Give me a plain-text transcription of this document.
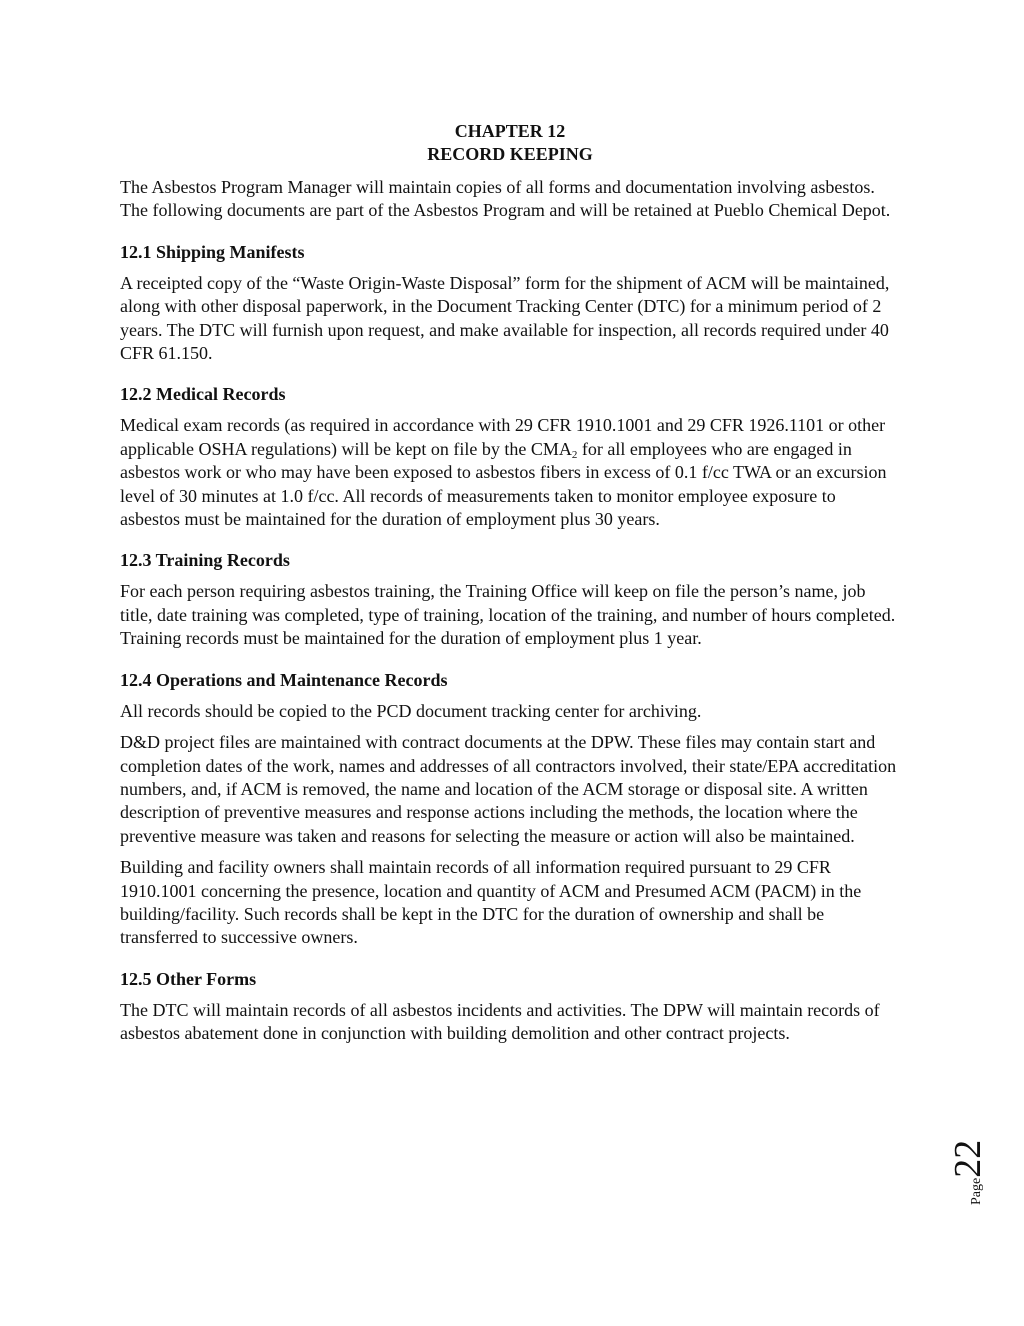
CHAPTER 12
RECORD KEEPING

The Asbestos Program Manager will maintain copies of all forms and documentation involving asbestos. The following documents are part of the Asbestos Program and will be retained at Pueblo Chemical Depot.

12.1 Shipping Manifests

A receipted copy of the “Waste Origin-Waste Disposal” form for the shipment of ACM will be maintained, along with other disposal paperwork, in the Document Tracking Center (DTC) for a minimum period of 2 years. The DTC will furnish upon request, and make available for inspection, all records required under 40 CFR 61.150.

12.2 Medical Records

Medical exam records (as required in accordance with 29 CFR 1910.1001 and 29 CFR 1926.1101 or other applicable OSHA regulations) will be kept on file by the $CMA_2$ for all employees who are engaged in asbestos work or who may have been exposed to asbestos fibers in excess of 0.1 f/cc TWA or an excursion level of 30 minutes at 1.0 f/cc. All records of measurements taken to monitor employee exposure to asbestos must be maintained for the duration of employment plus 30 years.

12.3 Training Records

For each person requiring asbestos training, the Training Office will keep on file the person’s name, job title, date training was completed, type of training, location of the training, and number of hours completed. Training records must be maintained for the duration of employment plus 1 year.

12.4 Operations and Maintenance Records

All records should be copied to the PCD document tracking center for archiving.

D&D project files are maintained with contract documents at the DPW. These files may contain start and completion dates of the work, names and addresses of all contractors involved, their state/EPA accreditation numbers, and, if ACM is removed, the name and location of the ACM storage or disposal site. A written description of preventive measures and response actions including the methods, the location where the preventive measure was taken and reasons for selecting the measure or action will also be maintained.

Building and facility owners shall maintain records of all information required pursuant to 29 CFR 1910.1001 concerning the presence, location and quantity of ACM and Presumed ACM (PACM) in the building/facility. Such records shall be kept in the DTC for the duration of ownership and shall be transferred to successive owners.

12.5 Other Forms

The DTC will maintain records of all asbestos incidents and activities. The DPW will maintain records of asbestos abatement done in conjunction with building demolition and other contract projects.

Page22
